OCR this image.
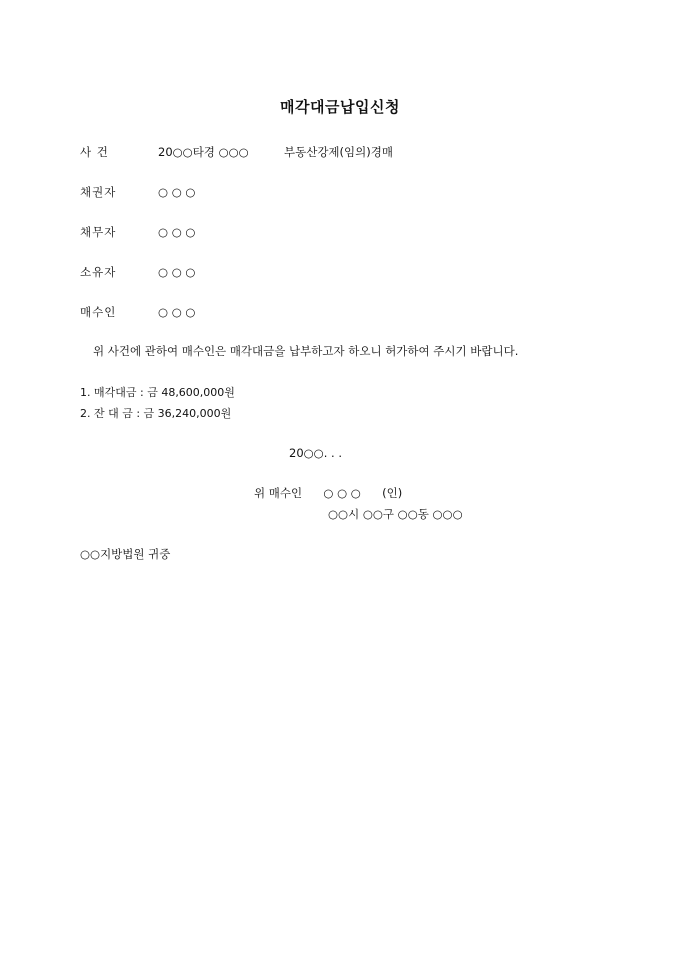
매각대금납입신청
사 건	20○○타경 ○○○	부동산강제(임의)경매
채권자	○ ○ ○
채무자	○ ○ ○
소유자	○ ○ ○
매수인	○ ○ ○
위 사건에 관하여 매수인은 매각대금을 납부하고자 하오니 허가하여 주시기 바랍니다.
1. 매각대금 : 금 48,600,000원
2. 잔 대 금 : 금 36,240,000원
20○○. . .
위 매수인 ○ ○ ○ (인)
○○시 ○○구 ○○동 ○○○
○○지방법원 귀중
